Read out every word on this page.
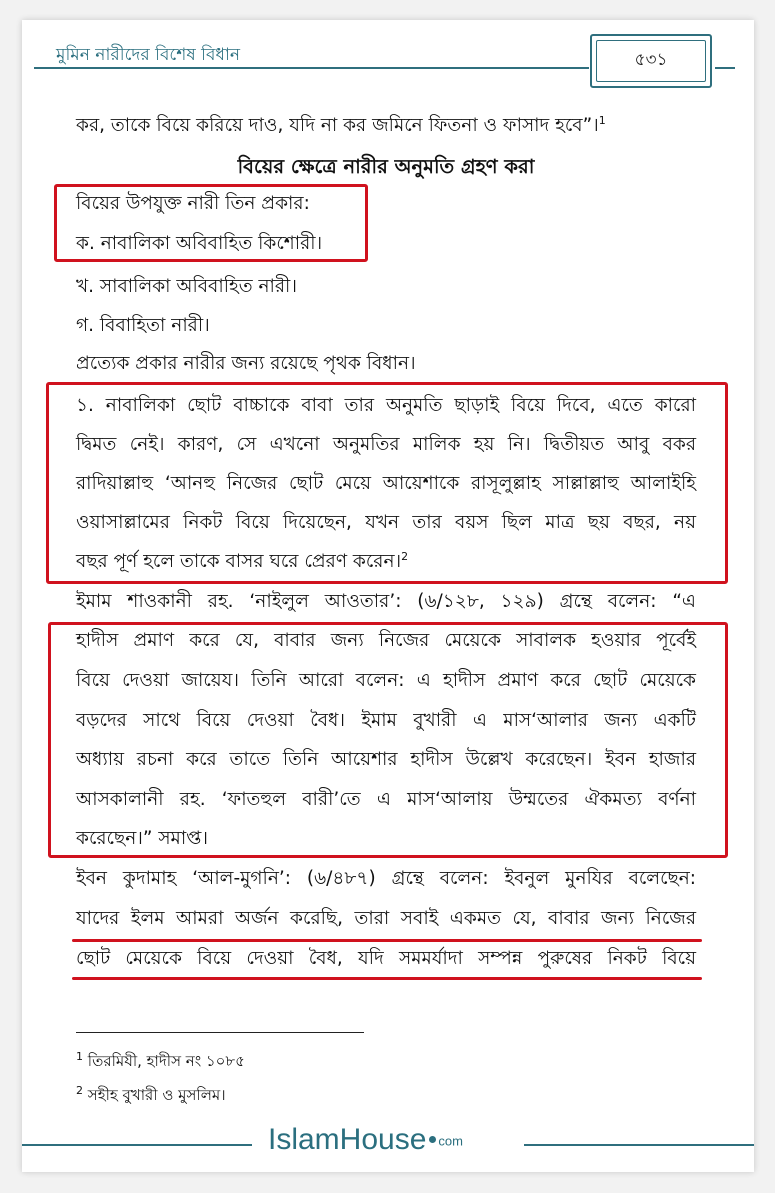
মুমিন নারীদের বিশেষ বিধান	৫৩১
কর, তাকে বিয়ে করিয়ে দাও, যদি না কর জমিনে ফিতনা ও ফাসাদ হবে”।$^1$
বিয়ের ক্ষেত্রে নারীর অনুমতি গ্রহণ করা
বিয়ের উপযুক্ত নারী তিন প্রকার:
ক. নাবালিকা অবিবাহিত কিশোরী।
খ. সাবালিকা অবিবাহিত নারী।
গ. বিবাহিতা নারী।
প্রত্যেক প্রকার নারীর জন্য রয়েছে পৃথক বিধান।
১. নাবালিকা ছোট বাচ্চাকে বাবা তার অনুমতি ছাড়াই বিয়ে দিবে, এতে কারো
দ্বিমত নেই। কারণ, সে এখনো অনুমতির মালিক হয় নি। দ্বিতীয়ত আবু বকর
রাদিয়াল্লাহু ‘আনহু নিজের ছোট মেয়ে আয়েশাকে রাসূলুল্লাহ সাল্লাল্লাহু আলাইহি
ওয়াসাল্লামের নিকট বিয়ে দিয়েছেন, যখন তার বয়স ছিল মাত্র ছয় বছর, নয়
বছর পূর্ণ হলে তাকে বাসর ঘরে প্রেরণ করেন।$^2$
ইমাম শাওকানী রহ. ‘নাইলুল আওতার’: (৬/১২৮, ১২৯) গ্রন্থে বলেন: “এ
হাদীস প্রমাণ করে যে, বাবার জন্য নিজের মেয়েকে সাবালক হওয়ার পূর্বেই
বিয়ে দেওয়া জায়েয। তিনি আরো বলেন: এ হাদীস প্রমাণ করে ছোট মেয়েকে
বড়দের সাথে বিয়ে দেওয়া বৈধ। ইমাম বুখারী এ মাস‘আলার জন্য একটি
অধ্যায় রচনা করে তাতে তিনি আয়েশার হাদীস উল্লেখ করেছেন। ইবন হাজার
আসকালানী রহ. ‘ফাতহুল বারী’তে এ মাস‘আলায় উম্মতের ঐকমত্য বর্ণনা
করেছেন।” সমাপ্ত।
ইবন কুদামাহ ‘আল-মুগনি’: (৬/৪৮৭) গ্রন্থে বলেন: ইবনুল মুনযির বলেছেন:
যাদের ইলম আমরা অর্জন করেছি, তারা সবাই একমত যে, বাবার জন্য নিজের
ছোট মেয়েকে বিয়ে দেওয়া বৈধ, যদি সমমর্যাদা সম্পন্ন পুরুষের নিকট বিয়ে
$^1$ তিরমিযী, হাদীস নং ১০৮৫
$^2$ সহীহ বুখারী ও মুসলিম।
IslamHouse com
